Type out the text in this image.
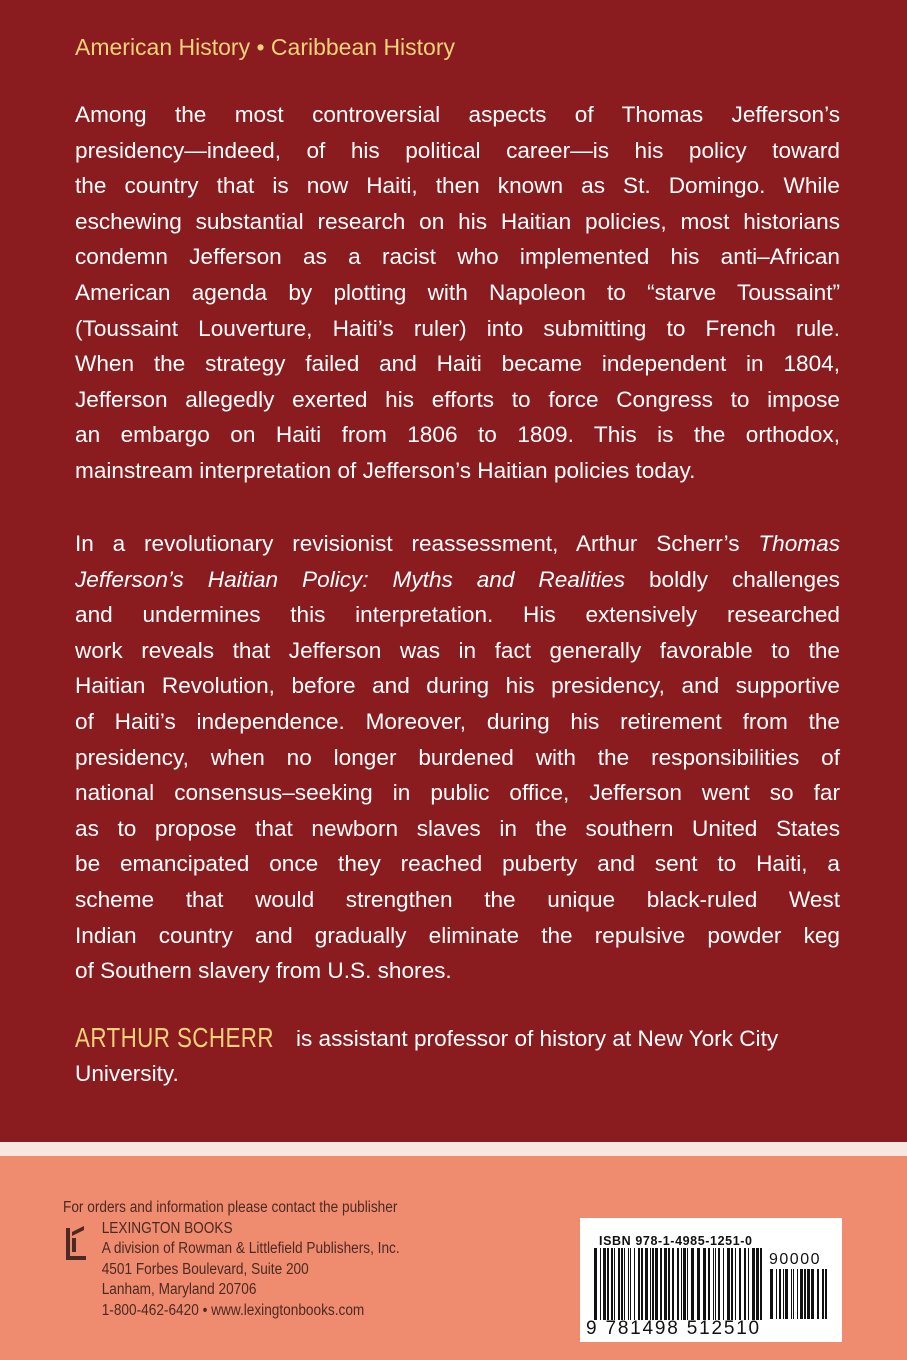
American History • Caribbean History
Among the most controversial aspects of Thomas Jefferson’s
presidency—indeed, of his political career—is his policy toward
the country that is now Haiti, then known as St. Domingo. While
eschewing substantial research on his Haitian policies, most historians
condemn Jefferson as a racist who implemented his anti–African
American agenda by plotting with Napoleon to “starve Toussaint”
(Toussaint Louverture, Haiti’s ruler) into submitting to French rule.
When the strategy failed and Haiti became independent in 1804,
Jefferson allegedly exerted his efforts to force Congress to impose
an embargo on Haiti from 1806 to 1809. This is the orthodox,
mainstream interpretation of Jefferson’s Haitian policies today.
In a revolutionary revisionist reassessment, Arthur Scherr’s Thomas
Jefferson’s Haitian Policy: Myths and Realities boldly challenges
and undermines this interpretation. His extensively researched
work reveals that Jefferson was in fact generally favorable to the
Haitian Revolution, before and during his presidency, and supportive
of Haiti’s independence. Moreover, during his retirement from the
presidency, when no longer burdened with the responsibilities of
national consensus–seeking in public office, Jefferson went so far
as to propose that newborn slaves in the southern United States
be emancipated once they reached puberty and sent to Haiti, a
scheme that would strengthen the unique black-ruled West
Indian country and gradually eliminate the repulsive powder keg
of Southern slavery from U.S. shores.
ARTHUR SCHERR is assistant professor of history at New York City University.
For orders and information please contact the publisher
LEXINGTON BOOKS
A division of Rowman & Littlefield Publishers, Inc.
4501 Forbes Boulevard, Suite 200
Lanham, Maryland 20706
1-800-462-6420 • www.lexingtonbooks.com
ISBN 978-1-4985-1251-0
90000
9 781498 512510
